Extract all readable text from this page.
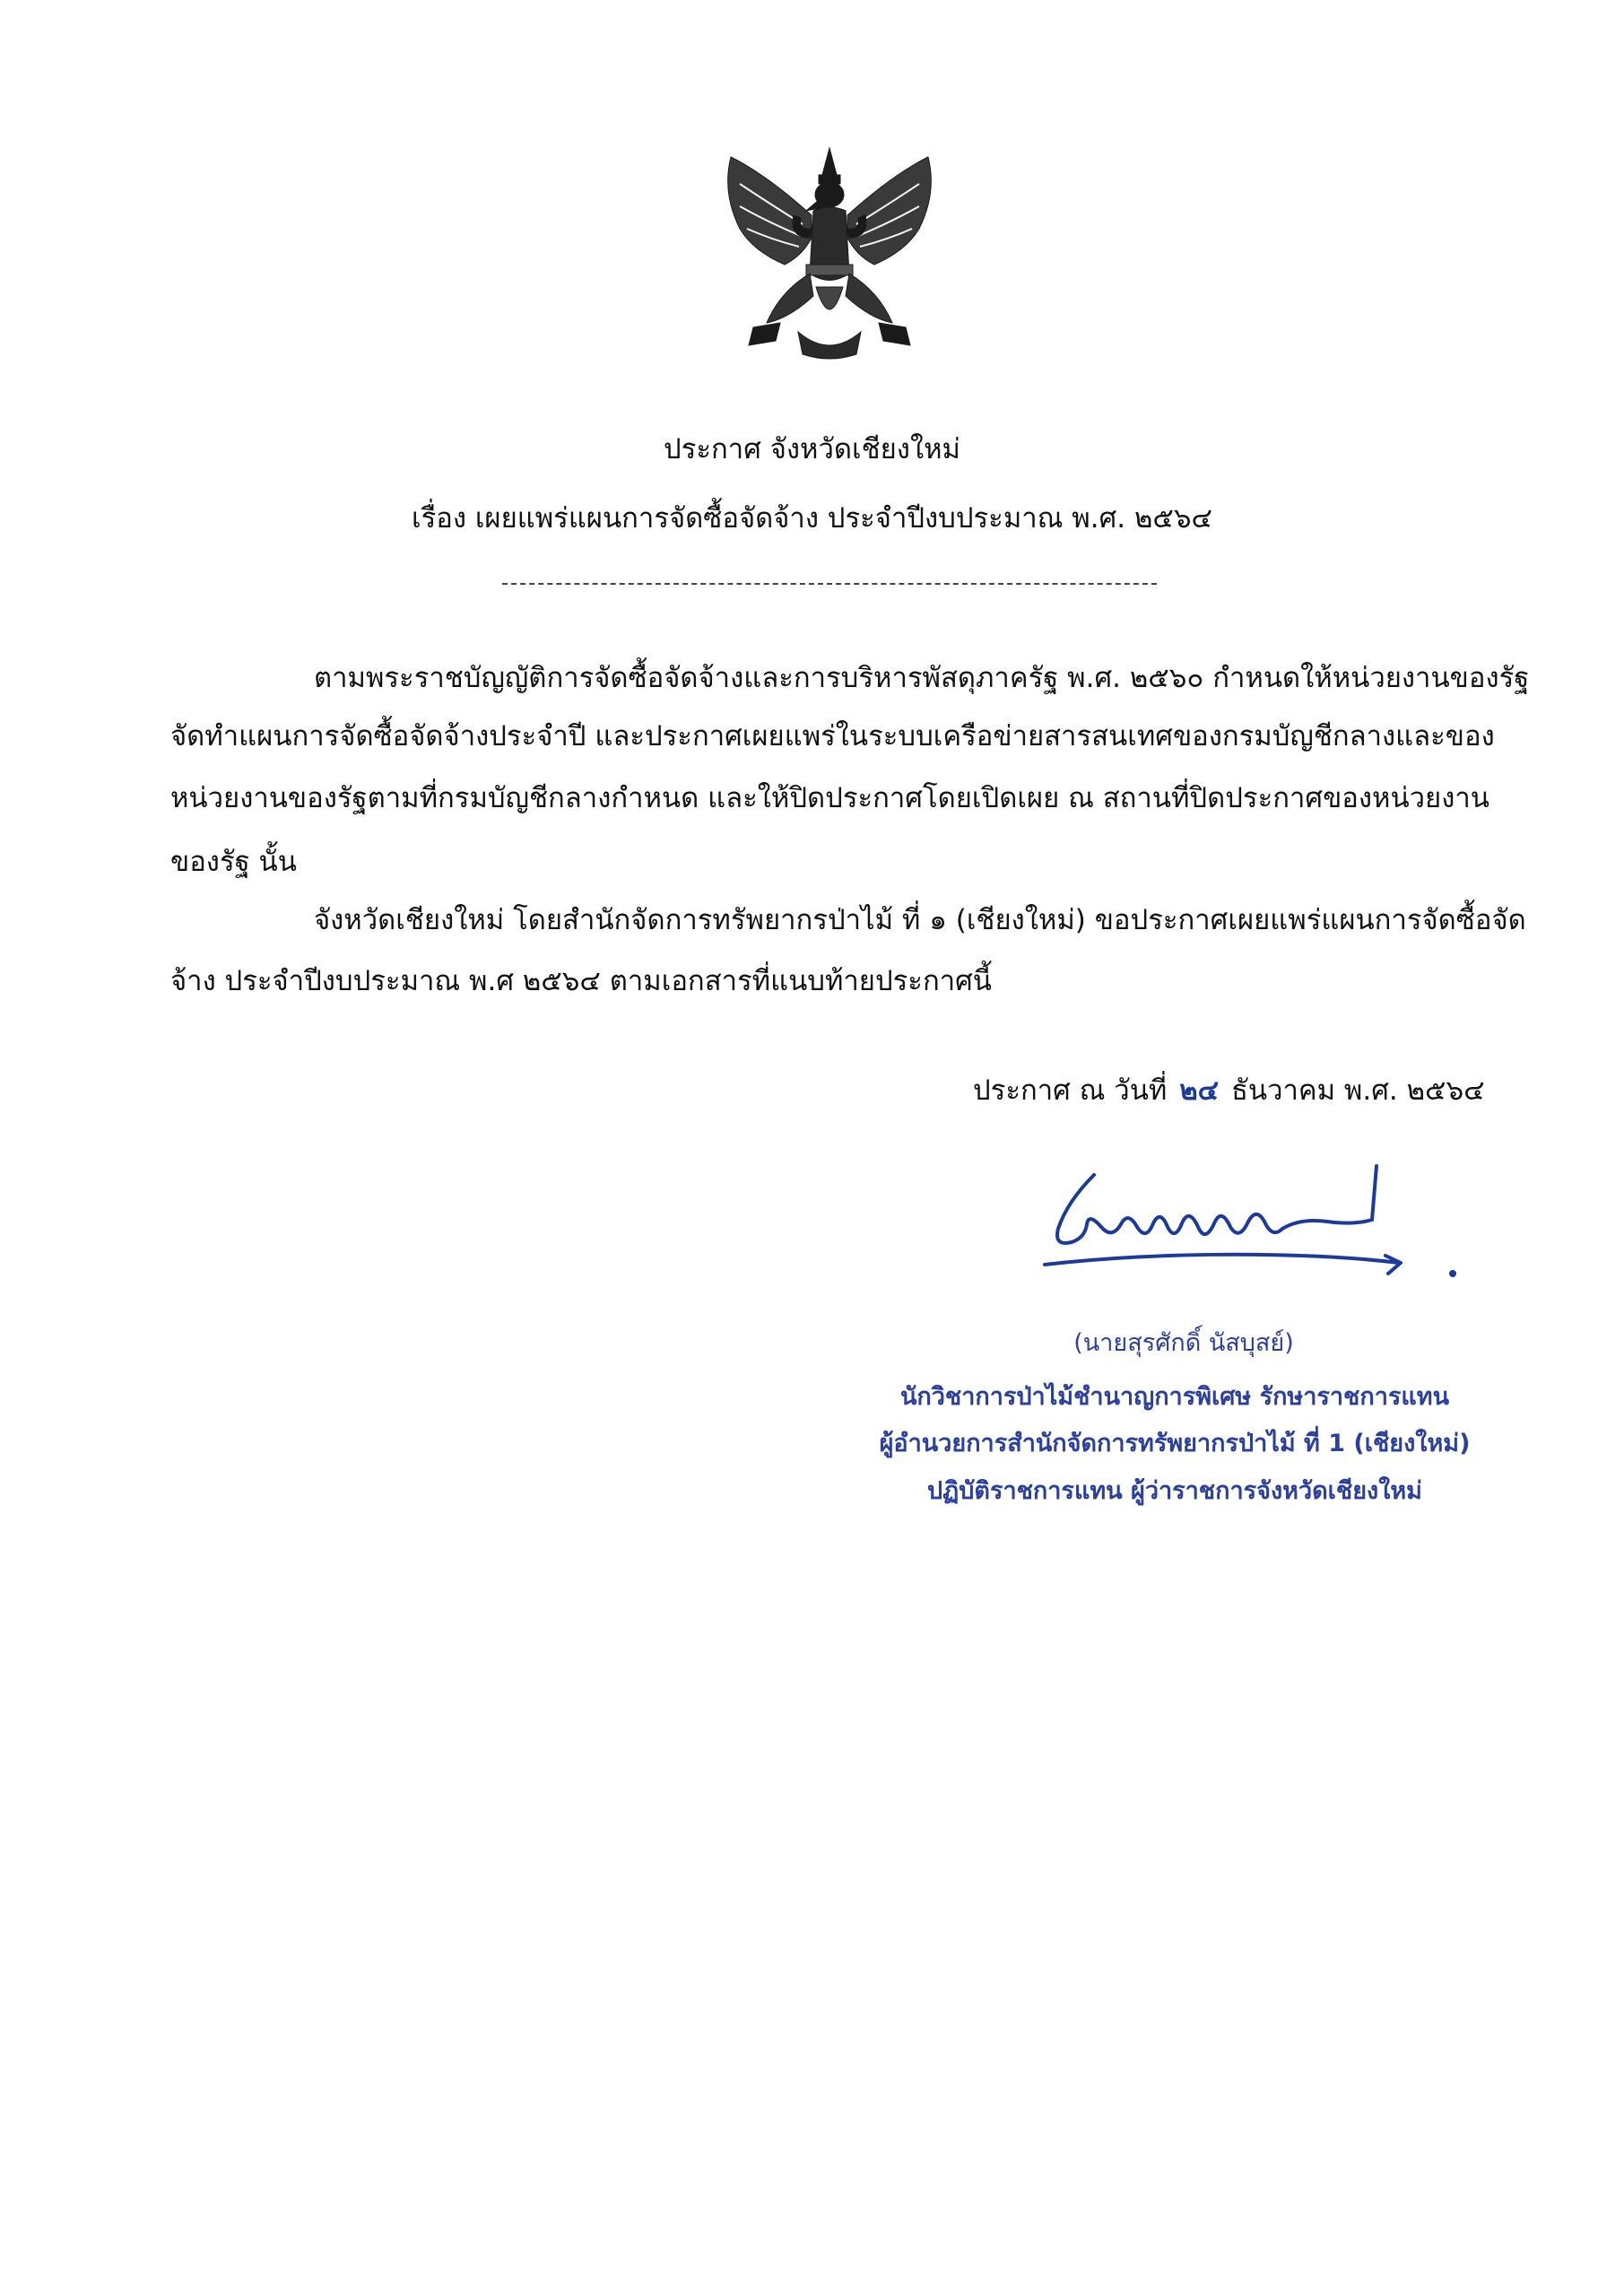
ประกาศ จังหวัดเชียงใหม่
เรื่อง เผยแพร่แผนการจัดซื้อจัดจ้าง ประจำปีงบประมาณ พ.ศ. ๒๕๖๔
ตามพระราชบัญญัติการจัดซื้อจัดจ้างและการบริหารพัสดุภาครัฐ พ.ศ. ๒๕๖๐ กำหนดให้หน่วยงานของรัฐ
จัดทำแผนการจัดซื้อจัดจ้างประจำปี และประกาศเผยแพร่ในระบบเครือข่ายสารสนเทศของกรมบัญชีกลางและของ
หน่วยงานของรัฐตามที่กรมบัญชีกลางกำหนด และให้ปิดประกาศโดยเปิดเผย ณ สถานที่ปิดประกาศของหน่วยงาน
ของรัฐ นั้น
จังหวัดเชียงใหม่ โดยสำนักจัดการทรัพยากรป่าไม้ ที่ ๑ (เชียงใหม่) ขอประกาศเผยแพร่แผนการจัดซื้อจัด
จ้าง ประจำปีงบประมาณ พ.ศ ๒๕๖๔ ตามเอกสารที่แนบท้ายประกาศนี้
ประกาศ ณ วันที่ ๒๔ ธันวาคม พ.ศ. ๒๕๖๔
(นายสุรศักดิ์ นัสบุสย์)
นักวิชาการป่าไม้ชำนาญการพิเศษ รักษาราชการแทน
ผู้อำนวยการสำนักจัดการทรัพยากรป่าไม้ ที่ 1 (เชียงใหม่)
ปฏิบัติราชการแทน ผู้ว่าราชการจังหวัดเชียงใหม่
